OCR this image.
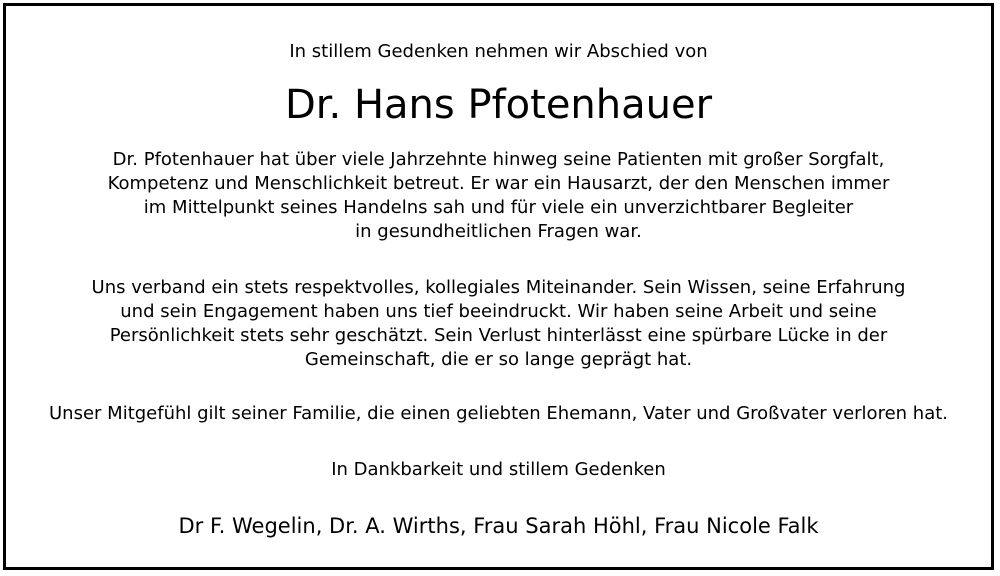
In stillem Gedenken nehmen wir Abschied von

Dr. Hans Pfotenhauer
Dr. Pfotenhauer hat über viele Jahrzehnte hinweg seine Patienten mit großer Sorgfalt,
Kompetenz und Menschlichkeit betreut. Er war ein Hausarzt, der den Menschen immer
im Mittelpunkt seines Handelns sah und für viele ein unverzichtbarer Begleiter
in gesundheitlichen Fragen war.
Uns verband ein stets respektvolles, kollegiales Miteinander. Sein Wissen, seine Erfahrung
und sein Engagement haben uns tief beeindruckt. Wir haben seine Arbeit und seine
Persönlichkeit stets sehr geschätzt. Sein Verlust hinterlässt eine spürbare Lücke in der
Gemeinschaft, die er so lange geprägt hat.

Unser Mitgefühl gilt seiner Familie, die einen geliebten Ehemann, Vater und Großvater verloren hat.

In Dankbarkeit und stillem Gedenken

Dr F. Wegelin, Dr. A. Wirths, Frau Sarah Höhl, Frau Nicole Falk
